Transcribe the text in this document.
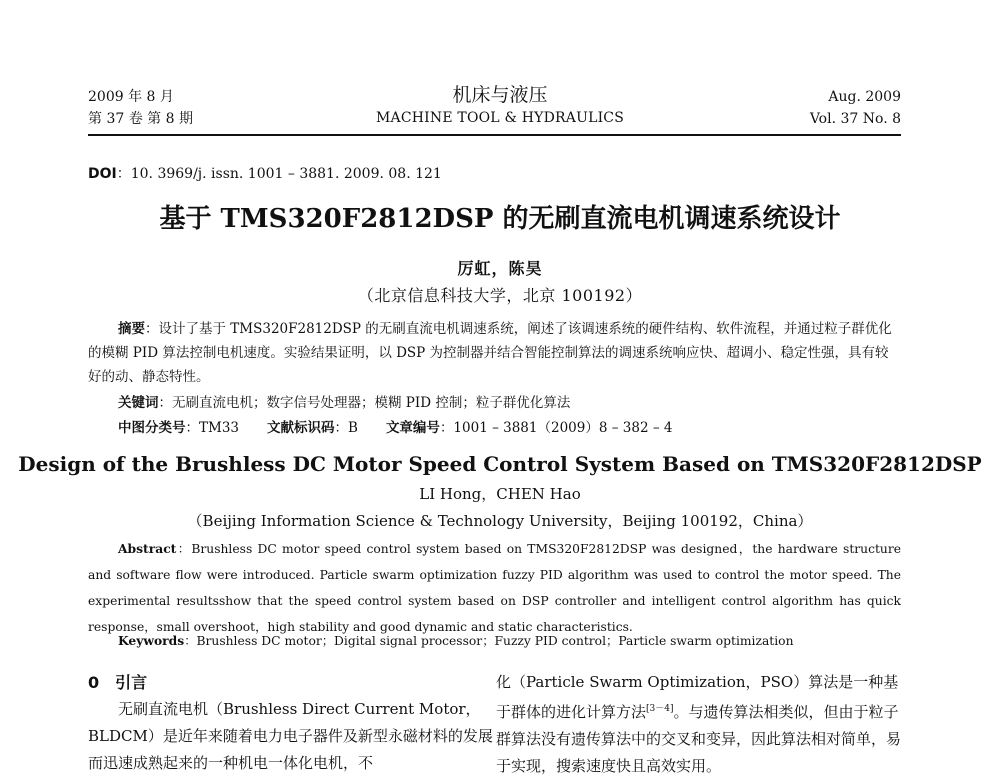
2009 年 8 月
第 37 卷 第 8 期
机床与液压
MACHINE TOOL & HYDRAULICS
Aug. 2009
Vol. 37 No. 8
DOI：10. 3969/j. issn. 1001 – 3881. 2009. 08. 121
基于 TMS320F2812DSP 的无刷直流电机调速系统设计
厉虹，陈昊
（北京信息科技大学，北京 100192）
摘要：设计了基于 TMS320F2812DSP 的无刷直流电机调速系统，阐述了该调速系统的硬件结构、软件流程，并通过粒子群优化的模糊 PID 算法控制电机速度。实验结果证明，以 DSP 为控制器并结合智能控制算法的调速系统响应快、超调小、稳定性强，具有较好的动、静态特性。
关键词：无刷直流电机；数字信号处理器；模糊 PID 控制；粒子群优化算法
中图分类号：TM33 文献标识码：B 文章编号：1001 – 3881（2009）8 – 382 – 4
Design of the Brushless DC Motor Speed Control System Based on TMS320F2812DSP
LI Hong，CHEN Hao
（Beijing Information Science & Technology University，Beijing 100192，China）
Abstract：Brushless DC motor speed control system based on TMS320F2812DSP was designed，the hardware structure and software flow were introduced. Particle swarm optimization fuzzy PID algorithm was used to control the motor speed. The experimental resultsshow that the speed control system based on DSP controller and intelligent control algorithm has quick response，small overshoot，high stability and good dynamic and static characteristics.
Keywords：Brushless DC motor；Digital signal processor；Fuzzy PID control；Particle swarm optimization
0　引言
无刷直流电机（Brushless Direct Current Motor，BLDCM）是近年来随着电力电子器件及新型永磁材料的发展而迅速成熟起来的一种机电一体化电机，不
化（Particle Swarm Optimization，PSO）算法是一种基于群体的进化计算方法[3－4]。与遗传算法相类似，但由于粒子群算法没有遗传算法中的交叉和变异，因此算法相对简单，易于实现，搜索速度快且高效实用。
